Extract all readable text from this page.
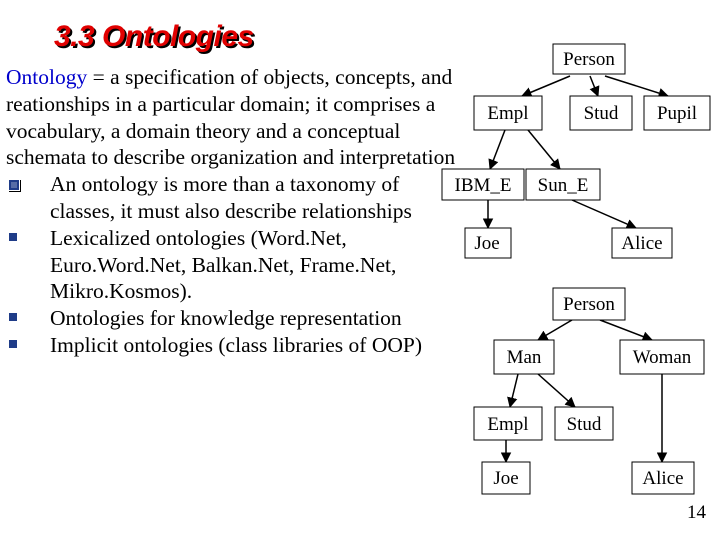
3.3 Ontologies
Ontology = a specification of objects, concepts, and reationships in a particular domain; it comprises a vocabulary, a domain theory and a conceptual schemata to describe organization and interpretation
An ontology is more than a taxonomy of classes, it must also describe relationships
Lexicalized ontologies (Word.Net, Euro.Word.Net, Balkan.Net, Frame.Net, Mikro.Kosmos).
Ontologies for knowledge representation
Implicit ontologies (class libraries of OOP)
Person
Empl	Stud Pupil
IBM_E Sun_E
Joe	Alice
Person
Man	Woman
Empl Stud
Joe	Alice
14
